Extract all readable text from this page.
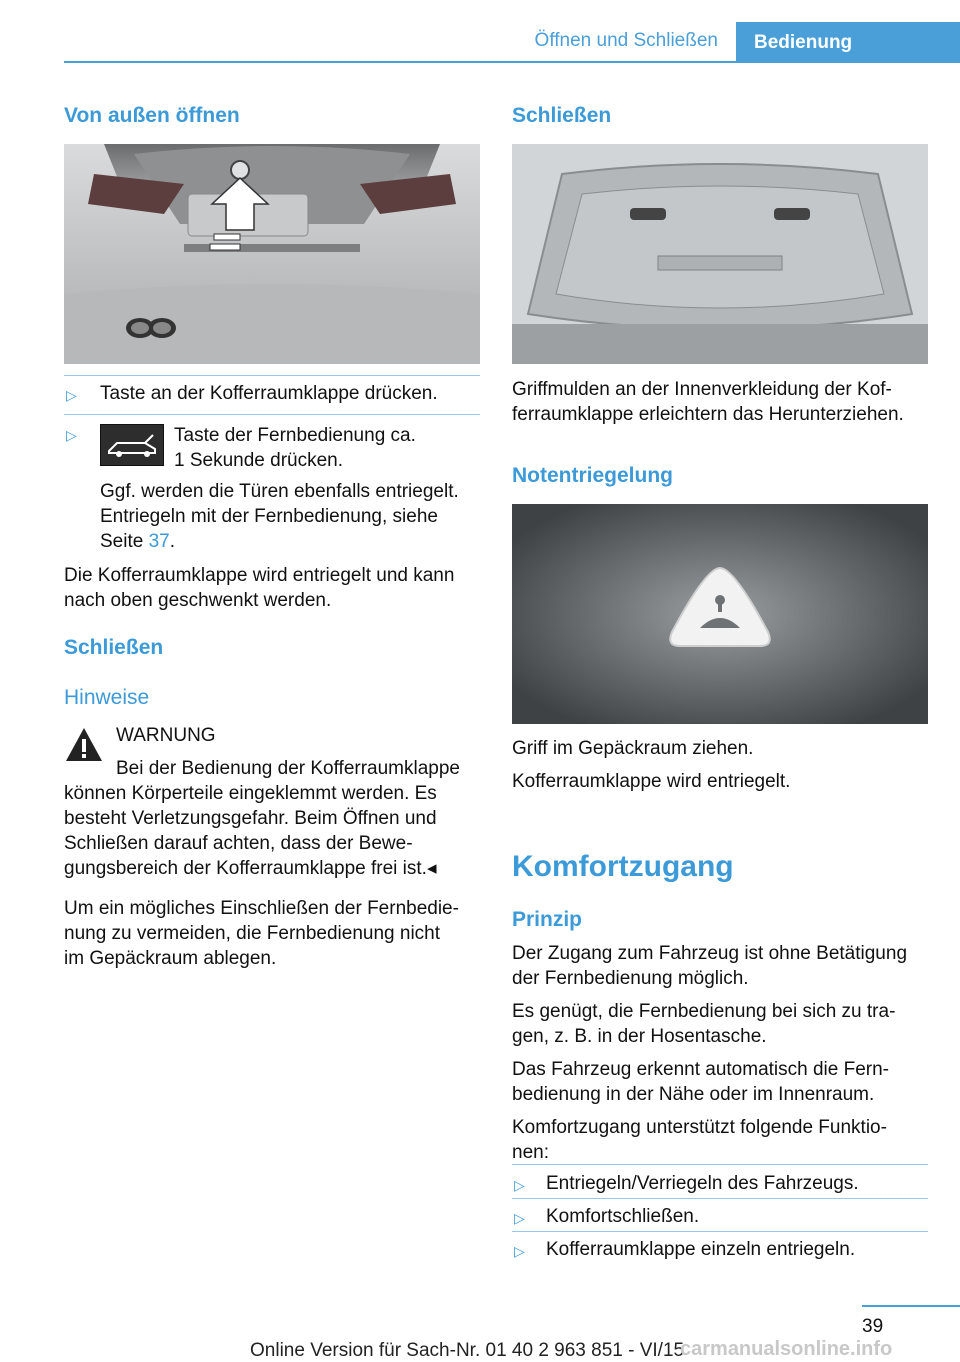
Öffnen und Schließen	Bedienung
Von außen öffnen
▷ Taste an der Kofferraumklappe drücken.
▷	Taste der Fernbedienung ca.
1 Sekunde drücken.
Ggf. werden die Türen ebenfalls entriegelt.
Entriegeln mit der Fernbedienung, siehe
Seite 37.
Die Kofferraumklappe wird entriegelt und kann
nach oben geschwenkt werden.
Schließen
Hinweise
WARNUNG
Bei der Bedienung der Kofferraumklappe
können Körperteile eingeklemmt werden. Es
besteht Verletzungsgefahr. Beim Öffnen und
Schließen darauf achten, dass der Bewe-
gungsbereich der Kofferraumklappe frei ist.◂
Um ein mögliches Einschließen der Fernbedie-
nung zu vermeiden, die Fernbedienung nicht
im Gepäckraum ablegen.
Schließen
Griffmulden an der Innenverkleidung der Kof-
ferraumklappe erleichtern das Herunterziehen.
Notentriegelung
Griff im Gepäckraum ziehen.
Kofferraumklappe wird entriegelt.
Komfortzugang
Prinzip
Der Zugang zum Fahrzeug ist ohne Betätigung
der Fernbedienung möglich.
Es genügt, die Fernbedienung bei sich zu tra-
gen, z. B. in der Hosentasche.
Das Fahrzeug erkennt automatisch die Fern-
bedienung in der Nähe oder im Innenraum.
Komfortzugang unterstützt folgende Funktio-
nen:
▷ Entriegeln/Verriegeln des Fahrzeugs.
▷ Komfortschließen.
▷ Kofferraumklappe einzeln entriegeln.
39
Online Version für Sach-Nr. 01 40 2 963 851 - VI/15
carmanualsonline.info
